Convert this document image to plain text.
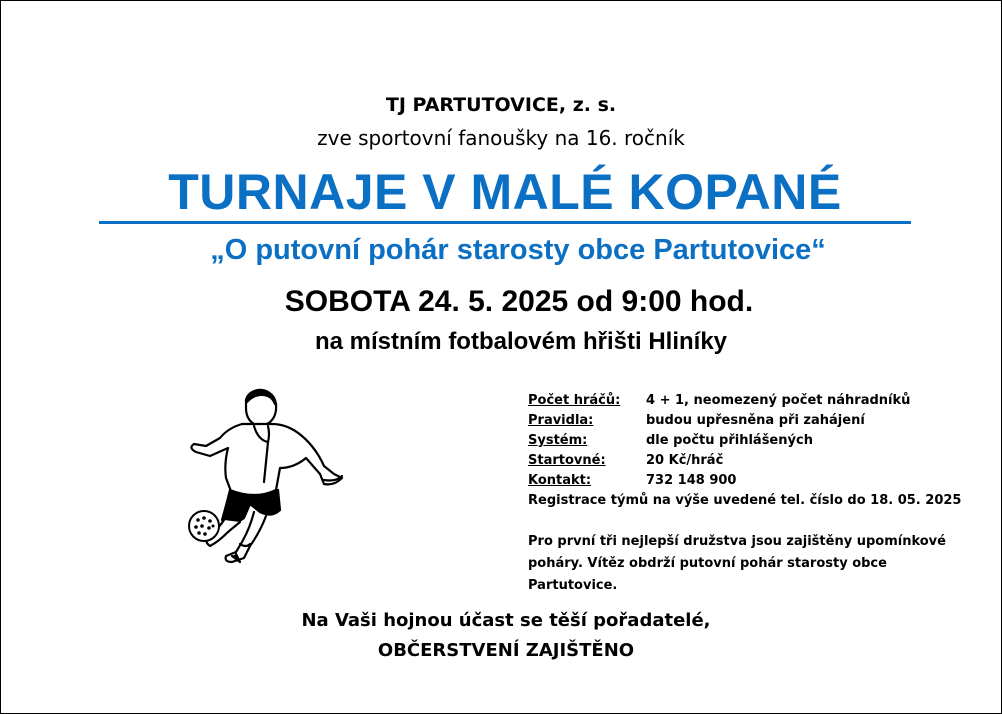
TJ PARTUTOVICE, z. s.
zve sportovní fanoušky na 16. ročník
TURNAJE V MALÉ KOPANÉ
„O putovní pohár starosty obce Partutovice“
SOBOTA 24. 5. 2025 od 9:00 hod.
na místním fotbalovém hřišti Hliníky
Počet hráčů:	4 + 1, neomezený počet náhradníků
Pravidla:	budou upřesněna při zahájení
Systém:	dle počtu přihlášených
Startovné:	20 Kč/hráč
Kontakt:	732 148 900
Registrace týmů na výše uvedené tel. číslo do 18. 05. 2025
Pro první tři nejlepší družstva jsou zajištěny upomínkové
poháry. Vítěz obdrží putovní pohár starosty obce Partutovice.
Na Vaši hojnou účast se těší pořadatelé,
OBČERSTVENÍ ZAJIŠTĚNO
